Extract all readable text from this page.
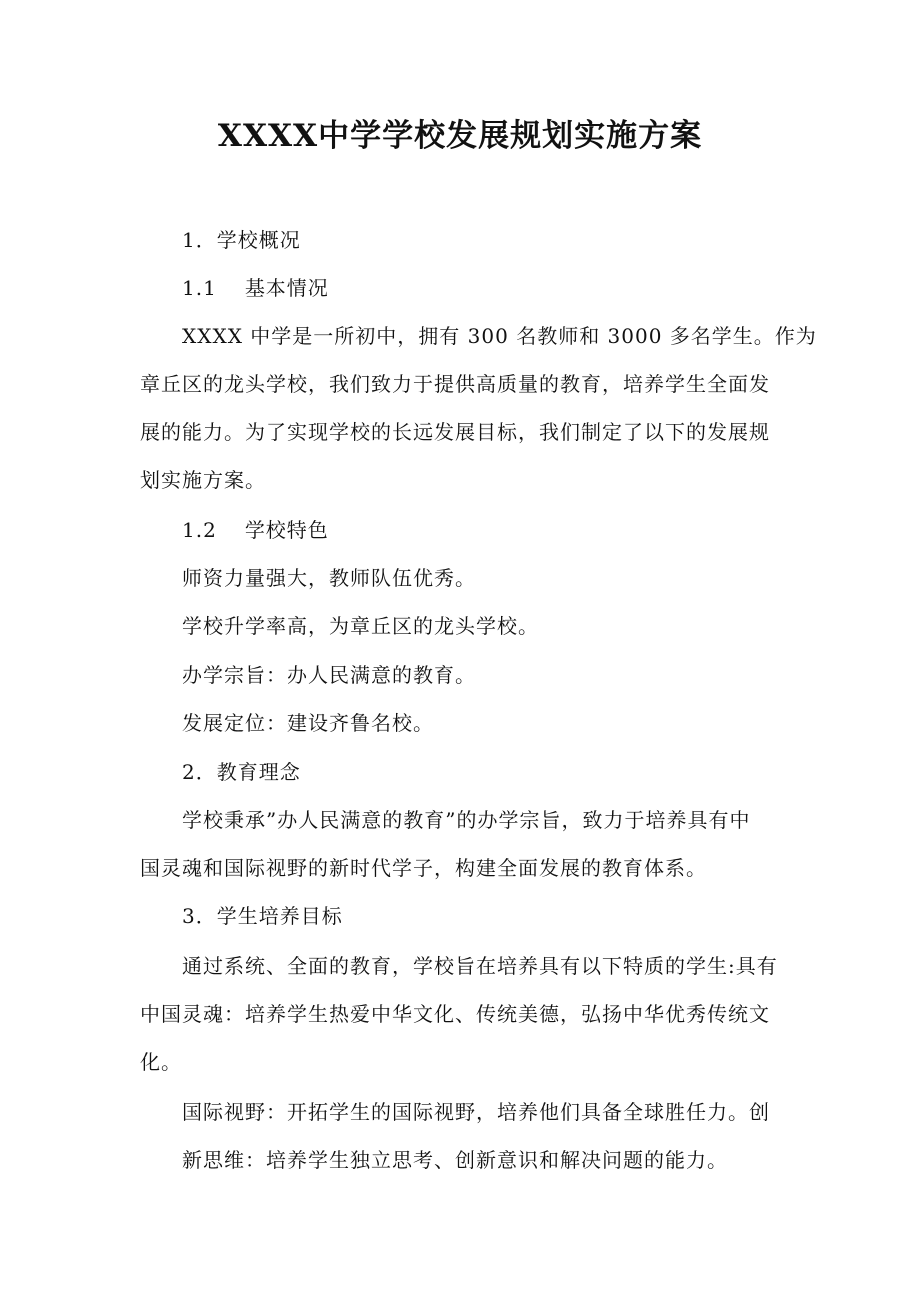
XXXX中学学校发展规划实施方案
1．学校概况
1.1 基本情况
XXXX 中学是一所初中，拥有 300 名教师和 3000 多名学生。作为
章丘区的龙头学校，我们致力于提供高质量的教育，培养学生全面发
展的能力。为了实现学校的长远发展目标，我们制定了以下的发展规
划实施方案。
1.2 学校特色
师资力量强大，教师队伍优秀。
学校升学率高，为章丘区的龙头学校。
办学宗旨：办人民满意的教育。
发展定位：建设齐鲁名校。
2．教育理念
学校秉承”办人民满意的教育”的办学宗旨，致力于培养具有中
国灵魂和国际视野的新时代学子，构建全面发展的教育体系。
3．学生培养目标
通过系统、全面的教育，学校旨在培养具有以下特质的学生:具有
中国灵魂：培养学生热爱中华文化、传统美德，弘扬中华优秀传统文
化。
国际视野：开拓学生的国际视野，培养他们具备全球胜任力。创
新思维：培养学生独立思考、创新意识和解决问题的能力。
